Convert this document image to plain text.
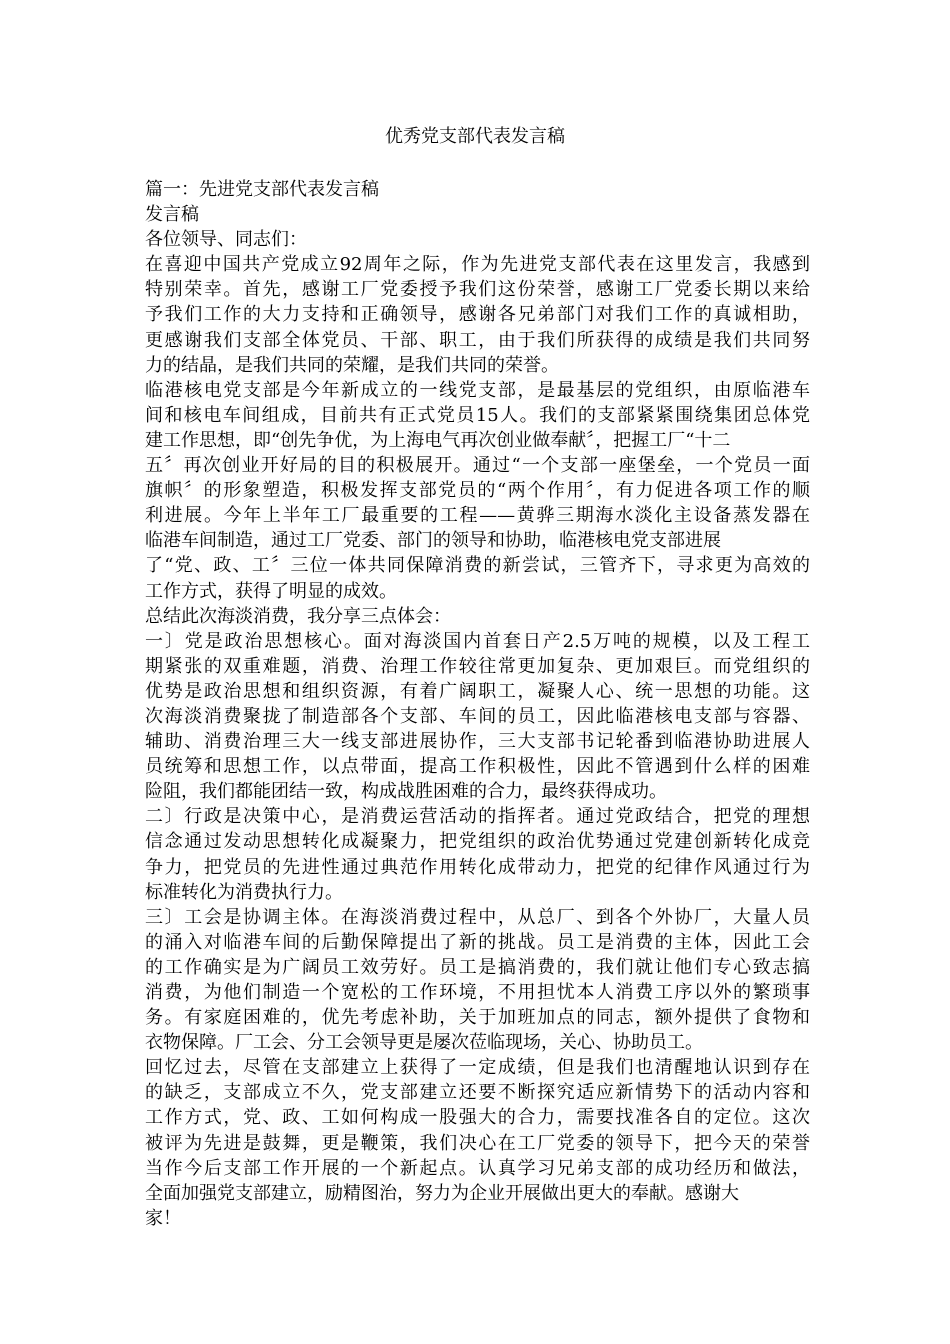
优秀党支部代表发言稿
篇一：先进党支部代表发言稿
发言稿
各位领导、同志们：
在喜迎中国共产党成立92周年之际，作为先进党支部代表在这里发言，我感到
特别荣幸。首先，感谢工厂党委授予我们这份荣誉，感谢工厂党委长期以来给
予我们工作的大力支持和正确领导，感谢各兄弟部门对我们工作的真诚相助，
更感谢我们支部全体党员、干部、职工，由于我们所获得的成绩是我们共同努
力的结晶，是我们共同的荣耀，是我们共同的荣誉。
临港核电党支部是今年新成立的一线党支部，是最基层的党组织，由原临港车
间和核电车间组成，目前共有正式党员15人。我们的支部紧紧围绕集团总体党
建工作思想，即“创先争优，为上海电气再次创业做奉献〞，把握工厂“十二
五〞再次创业开好局的目的积极展开。通过“一个支部一座堡垒，一个党员一面
旗帜〞的形象塑造，积极发挥支部党员的“两个作用〞，有力促进各项工作的顺
利进展。今年上半年工厂最重要的工程——黄骅三期海水淡化主设备蒸发器在
临港车间制造，通过工厂党委、部门的领导和协助，临港核电党支部进展
了“党、政、工〞三位一体共同保障消费的新尝试，三管齐下，寻求更为高效的
工作方式，获得了明显的成效。
总结此次海淡消费，我分享三点体会：
一〕党是政治思想核心。面对海淡国内首套日产2.5万吨的规模，以及工程工
期紧张的双重难题，消费、治理工作较往常更加复杂、更加艰巨。而党组织的
优势是政治思想和组织资源，有着广阔职工，凝聚人心、统一思想的功能。这
次海淡消费聚拢了制造部各个支部、车间的员工，因此临港核电支部与容器、
辅助、消费治理三大一线支部进展协作，三大支部书记轮番到临港协助进展人
员统筹和思想工作，以点带面，提高工作积极性，因此不管遇到什么样的困难
险阻，我们都能团结一致，构成战胜困难的合力，最终获得成功。
二〕行政是决策中心，是消费运营活动的指挥者。通过党政结合，把党的理想
信念通过发动思想转化成凝聚力，把党组织的政治优势通过党建创新转化成竞
争力，把党员的先进性通过典范作用转化成带动力，把党的纪律作风通过行为
标准转化为消费执行力。
三〕工会是协调主体。在海淡消费过程中，从总厂、到各个外协厂，大量人员
的涌入对临港车间的后勤保障提出了新的挑战。员工是消费的主体，因此工会
的工作确实是为广阔员工效劳好。员工是搞消费的，我们就让他们专心致志搞
消费，为他们制造一个宽松的工作环境，不用担忧本人消费工序以外的繁琐事
务。有家庭困难的，优先考虑补助，关于加班加点的同志，额外提供了食物和
衣物保障。厂工会、分工会领导更是屡次莅临现场，关心、协助员工。
回忆过去，尽管在支部建立上获得了一定成绩，但是我们也清醒地认识到存在
的缺乏，支部成立不久，党支部建立还要不断探究适应新情势下的活动内容和
工作方式，党、政、工如何构成一股强大的合力，需要找准各自的定位。这次
被评为先进是鼓舞，更是鞭策，我们决心在工厂党委的领导下，把今天的荣誉
当作今后支部工作开展的一个新起点。认真学习兄弟支部的成功经历和做法，
全面加强党支部建立，励精图治，努力为企业开展做出更大的奉献。感谢大
家！
